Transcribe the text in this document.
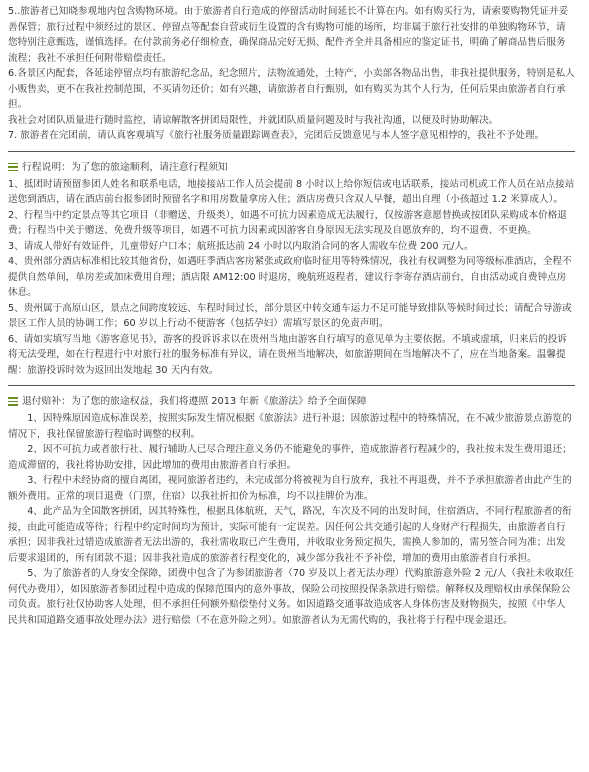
5..旅游者已知晓参观地内包含购物环境。由于旅游者自行造成的停留活动时间延长不计算在内。如有购买行为，请索要购物凭证并妥善保管；旅行过程中须经过的景区、停留点等配套自营或衍生设置的含有购物可能的场所，均非属于旅行社安排的单独购物环节，请您特别注意甄选，谨慎选择。在付款前务必仔细检查，确保商品完好无损、配件齐全并具备相应的鉴定证书，明确了解商品售后服务流程；我社不承担任何附带赔偿责任。

6.各景区内配套，各延途停留点均有旅游纪念品，纪念照片，法物流通处，土特产，小卖部各物品出售，非我社提供服务，特别是私人小贩售卖，更不在我社控制范围，不买请勿还价；如有兴趣，请旅游者自行甄别，如有购买为其个人行为，任何后果由旅游者自行承担。

我社会对团队质量进行随时监控，请谅解散客拼团局限性，并就团队质量问题及时与我社沟通，以便及时协助解决。

7. 旅游者在完团前，请认真客观填写《旅行社服务质量跟踪调查表》，完团后反馈意见与本人签字意见相悖的，我社不予处理。

行程说明：为了您的旅途顺利，请注意行程须知

1、抵团时请预留参团人姓名和联系电话，地接接站工作人员会提前 8 小时以上给你短信或电话联系，接站司机或工作人员在站点接站送您到酒店，请在酒店前台报参团时预留名字和用房数量拿房入住；酒店房费只含双人早餐，超出自理（小孩超过 1.2 米算成人）。

2、行程当中约定景点等其它项目（非赠送、升级类），如遇不可抗力因素造成无法履行，仅按游客意愿替换或按团队采购成本价格退费；行程当中关于赠送、免费升级等项目，如遇不可抗力因素或因游客自身原因无法实现及自愿放弃的，均不退费、不更换。

3、请成人带好有效证件，儿童带好户口本；航班抵达前 24 小时以内取消合同的客人需收车位费 200 元/人。

4、贵州部分酒店标准相比较其他省份，如遇旺季酒店客房紧张或政府临时征用等特殊情况，我社有权调整为同等级标准酒店，全程不提供自然单间，单房差或加床费用自理；酒店限 AM12:00 时退房，晚航班返程者，建议行李寄存酒店前台，自由活动或自费钟点房休息。

5、贵州属于高原山区，景点之间跨度较远、车程时间过长，部分景区中转交通车运力不足可能导致排队等候时间过长；请配合导游或景区工作人员的协调工作；60 岁以上行动不便游客（包括孕妇）需填写景区的免责声明。

6、请如实填写当地《游客意见书》，游客的投诉诉求以在贵州当地由游客自行填写的意见单为主要依据。不填或虚填，归来后的投诉将无法受理，如在行程进行中对旅行社的服务标准有异议，请在贵州当地解决，如旅游期间在当地解决不了，应在当地备案。温馨提醒：旅游投诉时效为返回出发地起 30 天内有效。

退付赔补：为了您的旅途权益，我们将遵照 2013 年新《旅游法》给予全面保障

1、因特殊原因造成标准误差，按照实际发生情况根据《旅游法》进行补退；因旅游过程中的特殊情况，在不减少旅游景点游览的情况下，我社保留旅游行程临时调整的权利。

2、因不可抗力或者旅行社、履行辅助人已尽合理注意义务仍不能避免的事件，造成旅游者行程减少的，我社按未发生费用退还；造成滞留的，我社将协助安排，因此增加的费用由旅游者自行承担。

3、行程中未经协商的擅自离团，视同旅游者违约，未完成部分将被视为自行放弃，我社不再退费，并不予承担旅游者由此产生的额外费用。正常的项目退费（门票，住宿）以我社折扣价为标准，均不以挂牌价为准。

4、此产品为全国散客拼团，因其特殊性，根据具体航班，天气，路况，车次及不同的出发时间，住宿酒店，不同行程旅游者的衔接，由此可能造成等待；行程中约定时间均为预计，实际可能有一定误差。因任何公共交通引起的人身财产行程损失，由旅游者自行承担；因非我社过错造成旅游者无法出游的，我社需收取已产生费用，并收取业务预定损失，需换人参加的，需另签合同为准；出发后要求退团的，所有团款不退；因非我社造成的旅游者行程变化的，减少部分我社不予补偿，增加的费用由旅游者自行承担。

5、为了旅游者的人身安全保障，团费中包含了为参团旅游者（70 岁及以上者无法办理）代购旅游意外险 2 元/人（我社未收取任何代办费用），如因旅游者参团过程中造成的保障范围内的意外事故，保险公司按照投保条款进行赔偿。解释权及理赔权由承保保险公司负责。旅行社仅协助客人处理，但不承担任何额外赔偿垫付义务。如因道路交通事故造成客人身体伤害及财物损失，按照《中华人民共和国道路交通事故处理办法》进行赔偿（不在意外险之列）。如旅游者认为无需代购的，我社将于行程中现金退还。
